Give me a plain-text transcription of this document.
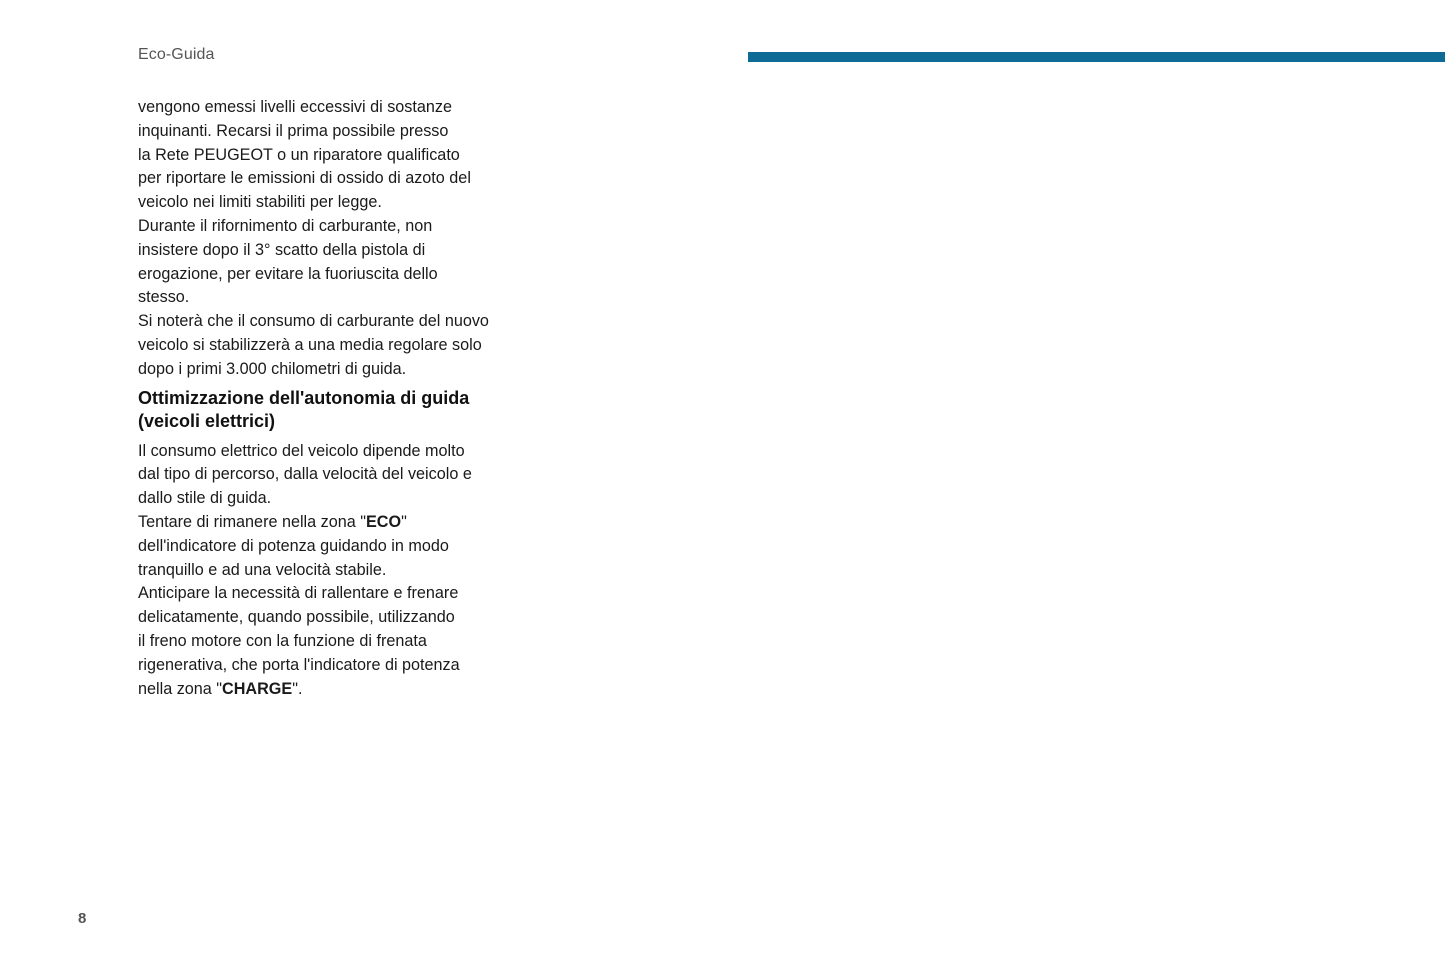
Eco-Guida

vengono emessi livelli eccessivi di sostanze
inquinanti. Recarsi il prima possibile presso
la Rete PEUGEOT o un riparatore qualificato
per riportare le emissioni di ossido di azoto del
veicolo nei limiti stabiliti per legge.

Durante il rifornimento di carburante, non
insistere dopo il 3° scatto della pistola di
erogazione, per evitare la fuoriuscita dello
stesso.

Si noterà che il consumo di carburante del nuovo
veicolo si stabilizzerà a una media regolare solo
dopo i primi 3.000 chilometri di guida.

Ottimizzazione dell'autonomia di guida
(veicoli elettrici)

Il consumo elettrico del veicolo dipende molto
dal tipo di percorso, dalla velocità del veicolo e
dallo stile di guida.

Tentare di rimanere nella zona "ECO"
dell'indicatore di potenza guidando in modo
tranquillo e ad una velocità stabile.

Anticipare la necessità di rallentare e frenare
delicatamente, quando possibile, utilizzando
il freno motore con la funzione di frenata
rigenerativa, che porta l'indicatore di potenza
nella zona "CHARGE".

8
